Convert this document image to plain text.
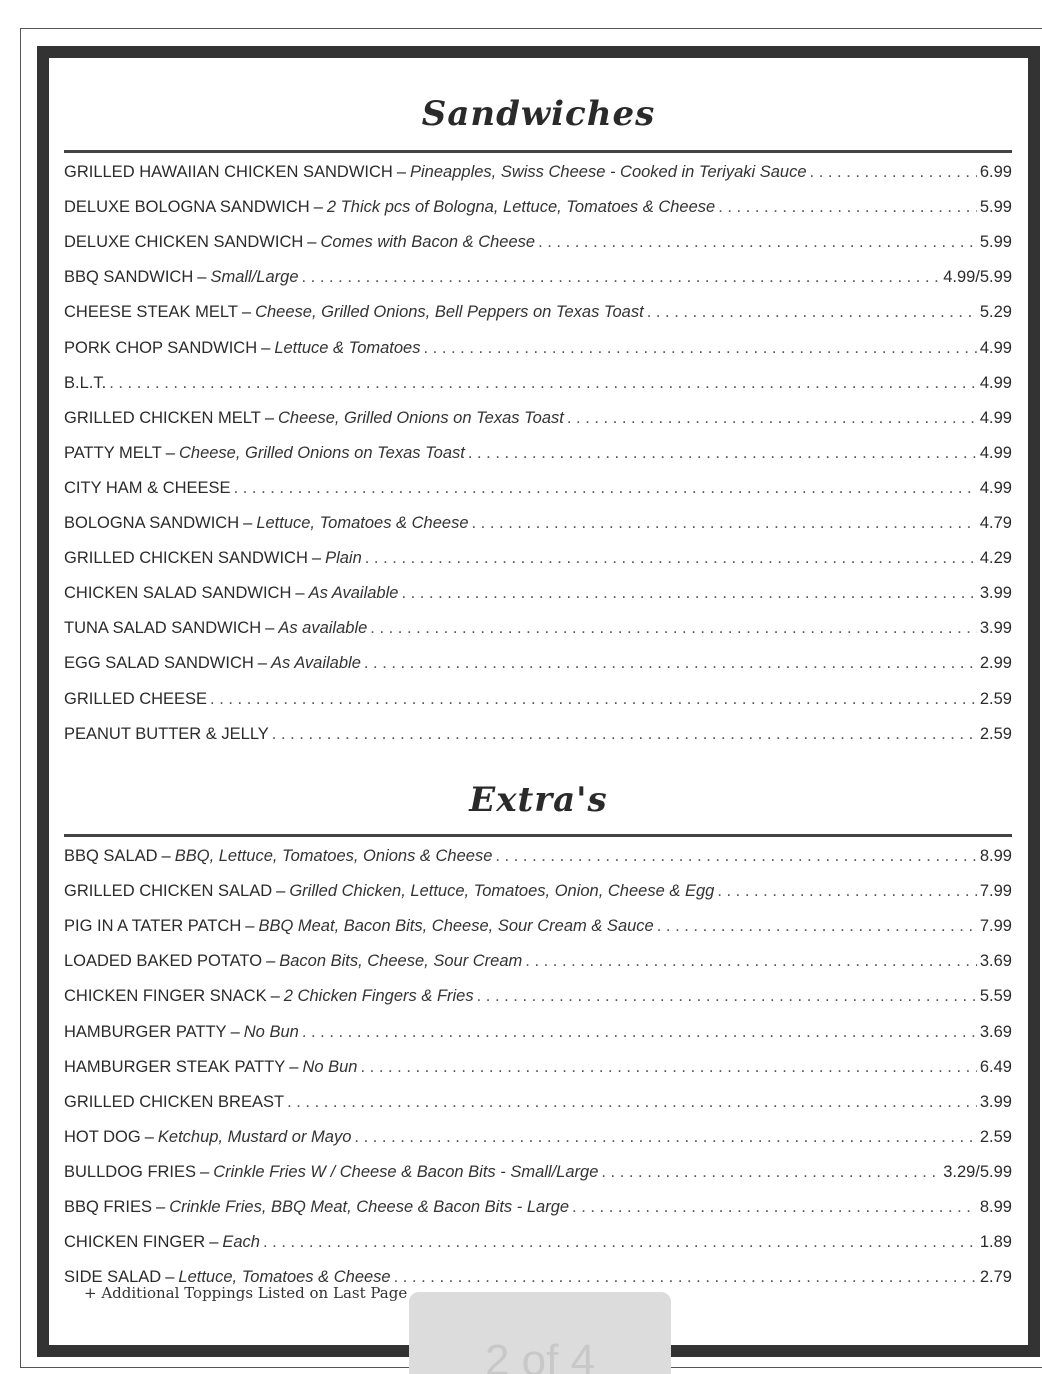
Sandwiches
GRILLED HAWAIIAN CHICKEN SANDWICH – Pineapples, Swiss Cheese - Cooked in Teriyaki Sauce . . .	6.99
DELUXE BOLOGNA SANDWICH – 2 Thick pcs of Bologna, Lettuce, Tomatoes & Cheese . . .	5.99
DELUXE CHICKEN SANDWICH – Comes with Bacon & Cheese . . .	5.99
BBQ SANDWICH – Small/Large . . .	4.99/5.99
CHEESE STEAK MELT – Cheese, Grilled Onions, Bell Peppers on Texas Toast . . .	5.29
PORK CHOP SANDWICH – Lettuce & Tomatoes . . .	4.99
B.L.T. . . .	4.99
GRILLED CHICKEN MELT – Cheese, Grilled Onions on Texas Toast . . .	4.99
PATTY MELT – Cheese, Grilled Onions on Texas Toast . . .	4.99
CITY HAM & CHEESE . . .	4.99
BOLOGNA SANDWICH – Lettuce, Tomatoes & Cheese . . .	4.79
GRILLED CHICKEN SANDWICH – Plain . . .	4.29
CHICKEN SALAD SANDWICH – As Available . . .	3.99
TUNA SALAD SANDWICH – As available . . .	3.99
EGG SALAD SANDWICH – As Available . . .	2.99
GRILLED CHEESE . . .	2.59
PEANUT BUTTER & JELLY . . .	2.59
Extra's
BBQ SALAD – BBQ, Lettuce, Tomatoes, Onions & Cheese . . .	8.99
GRILLED CHICKEN SALAD – Grilled Chicken, Lettuce, Tomatoes, Onion, Cheese & Egg . . .	7.99
PIG IN A TATER PATCH – BBQ Meat, Bacon Bits, Cheese, Sour Cream & Sauce . . .	7.99
LOADED BAKED POTATO – Bacon Bits, Cheese, Sour Cream . . .	3.69
CHICKEN FINGER SNACK – 2 Chicken Fingers & Fries . . .	5.59
HAMBURGER PATTY – No Bun . . .	3.69
HAMBURGER STEAK PATTY – No Bun . . .	6.49
GRILLED CHICKEN BREAST . . .	3.99
HOT DOG – Ketchup, Mustard or Mayo . . .	2.59
BULLDOG FRIES – Crinkle Fries W / Cheese & Bacon Bits - Small/Large . . .	3.29/5.99
BBQ FRIES – Crinkle Fries, BBQ Meat, Cheese & Bacon Bits - Large . . .	8.99
CHICKEN FINGER – Each . . .	1.89
SIDE SALAD – Lettuce, Tomatoes & Cheese . . .	2.79
+ Additional Toppings Listed on Last Page
2 of 4
